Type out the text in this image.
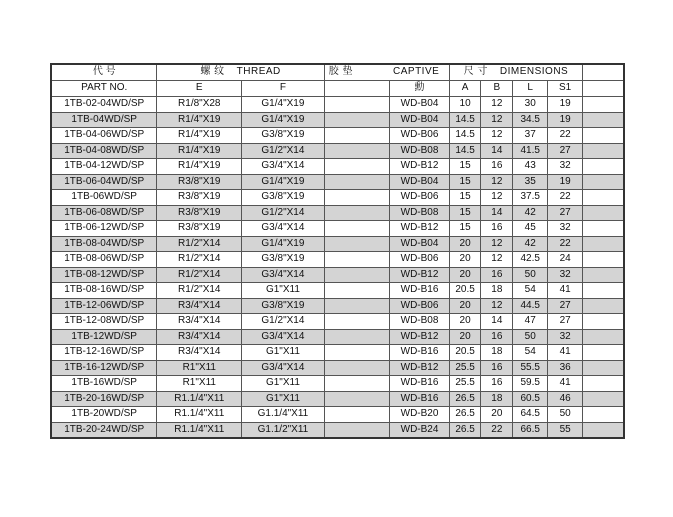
代 号	螺 纹 THREAD		胶 垫 CAPTIVE		尺 寸 DIMENSIONS				
PART NO.	E	F		勳	A	B	L	S1	
1TB-02-04WD/SP	R1/8"X28	G1/4"X19		WD-B04	10	12	30	19	
1TB-04WD/SP	R1/4"X19	G1/4"X19		WD-B04	14.5	12	34.5	19	
1TB-04-06WD/SP	R1/4"X19	G3/8"X19		WD-B06	14.5	12	37	22	
1TB-04-08WD/SP	R1/4"X19	G1/2"X14		WD-B08	14.5	14	41.5	27	
1TB-04-12WD/SP	R1/4"X19	G3/4"X14		WD-B12	15	16	43	32	
1TB-06-04WD/SP	R3/8"X19	G1/4"X19		WD-B04	15	12	35	19	
1TB-06WD/SP	R3/8"X19	G3/8"X19		WD-B06	15	12	37.5	22	
1TB-06-08WD/SP	R3/8"X19	G1/2"X14		WD-B08	15	14	42	27	
1TB-06-12WD/SP	R3/8"X19	G3/4"X14		WD-B12	15	16	45	32	
1TB-08-04WD/SP	R1/2"X14	G1/4"X19		WD-B04	20	12	42	22	
1TB-08-06WD/SP	R1/2"X14	G3/8"X19		WD-B06	20	12	42.5	24	
1TB-08-12WD/SP	R1/2"X14	G3/4"X14		WD-B12	20	16	50	32	
1TB-08-16WD/SP	R1/2"X14	G1"X11		WD-B16	20.5	18	54	41	
1TB-12-06WD/SP	R3/4"X14	G3/8"X19		WD-B06	20	12	44.5	27	
1TB-12-08WD/SP	R3/4"X14	G1/2"X14		WD-B08	20	14	47	27	
1TB-12WD/SP	R3/4"X14	G3/4"X14		WD-B12	20	16	50	32	
1TB-12-16WD/SP	R3/4"X14	G1"X11		WD-B16	20.5	18	54	41	
1TB-16-12WD/SP	R1"X11	G3/4"X14		WD-B12	25.5	16	55.5	36	
1TB-16WD/SP	R1"X11	G1"X11		WD-B16	25.5	16	59.5	41	
1TB-20-16WD/SP	R1.1/4"X11	G1"X11		WD-B16	26.5	18	60.5	46	
1TB-20WD/SP	R1.1/4"X11	G1.1/4"X11		WD-B20	26.5	20	64.5	50	
1TB-20-24WD/SP	R1.1/4"X11	G1.1/2"X11		WD-B24	26.5	22	66.5	55	
